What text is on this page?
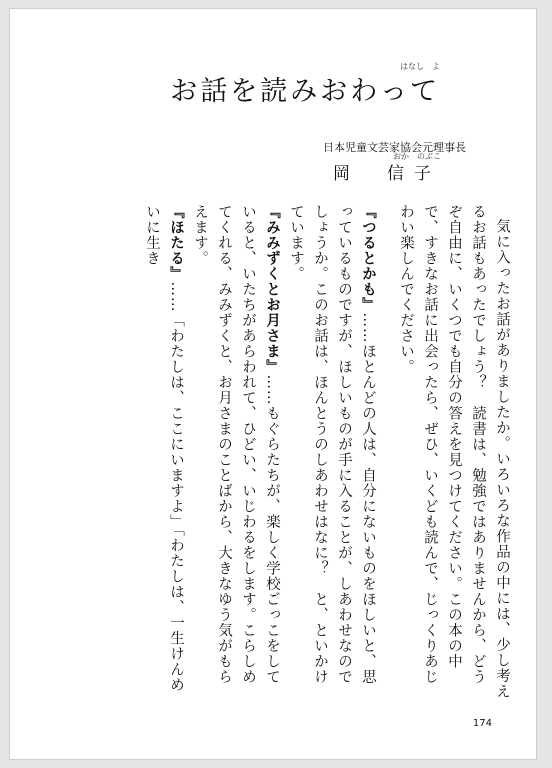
はなし　よ
お話を読みおわって
日本児童文芸家協会元理事長
おか　のぶこ
岡　信子

気に入ったお話がありましたか。いろいろな作品の中には、少し考えるお話もあったでしょう？　読書は、勉強ではありませんから、どうぞ自由に、いくつでも自分の答えを見つけてください。この本の中で、すきなお話に出会ったら、ぜひ、いくども読んで、じっくりあじわい楽しんでください。

『つるとかも』……ほとんどの人は、自分にないものをほしいと、思っているものですが、ほしいものが手に入ることが、しあわせなのでしょうか。このお話は、ほんとうのしあわせはなに？　と、といかけています。

『みみずくとお月さま』……もぐらたちが、楽しく学校ごっこをしていると、いたちがあらわれて、ひどい、いじわるをします。こらしめてくれる、みみずくと、お月さまのことばから、大きなゆう気がもらえます。

『ほたる』……「わたしは、ここにいますよ」「わたしは、一生けんめいに生き

174
